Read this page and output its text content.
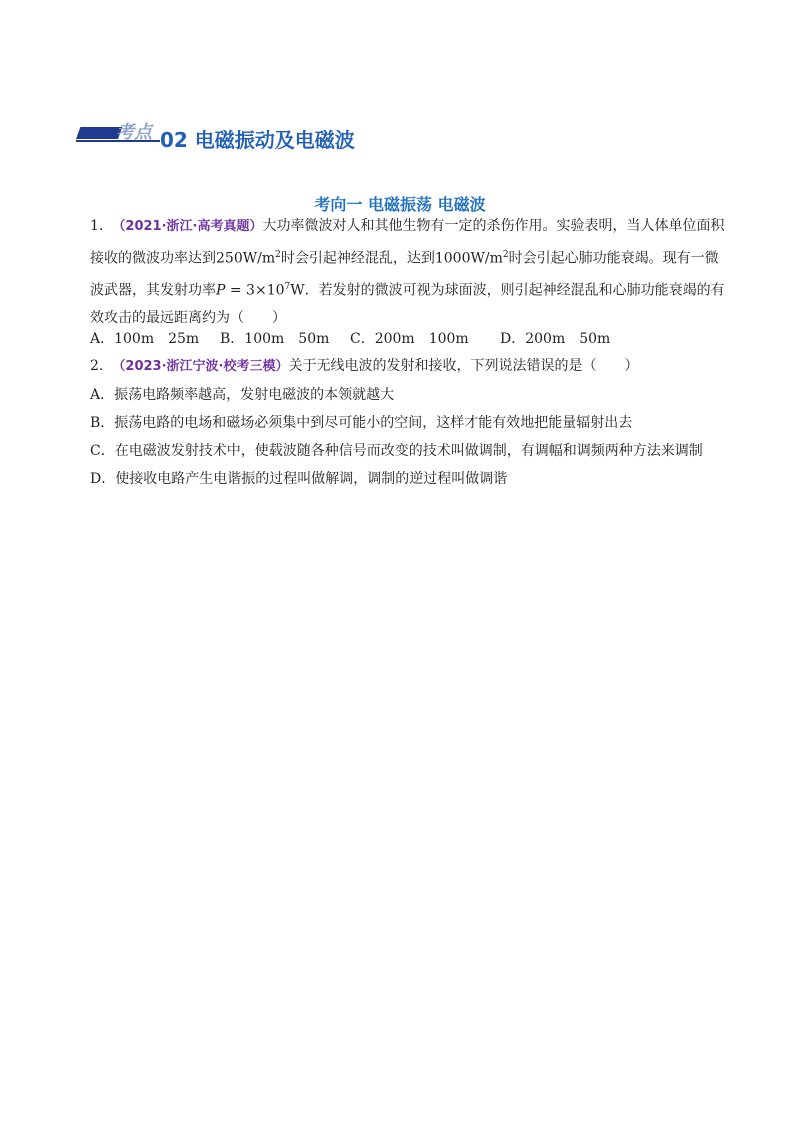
考点 02 电磁振动及电磁波
考向一 电磁振荡 电磁波
1． （2021·浙江·高考真题）大功率微波对人和其他生物有一定的杀伤作用。实验表明，当人体单位面积接收的微波功率达到$250W/m^2$时会引起神经混乱，达到$1000W/m^2$时会引起心肺功能衰竭。现有一微波武器，其发射功率$P = 3\times 10^7W$．若发射的微波可视为球面波，则引起神经混乱和心肺功能衰竭的有效攻击的最远距离约为（　　）
A．100m　25m B．100m　50m C．200m　100m D．200m　50m
2． （2023·浙江宁波·校考三模）关于无线电波的发射和接收，下列说法错误的是（　　）
A．振荡电路频率越高，发射电磁波的本领就越大
B．振荡电路的电场和磁场必须集中到尽可能小的空间，这样才能有效地把能量辐射出去
C．在电磁波发射技术中，使载波随各种信号而改变的技术叫做调制，有调幅和调频两种方法来调制
D．使接收电路产生电谐振的过程叫做解调，调制的逆过程叫做调谐
